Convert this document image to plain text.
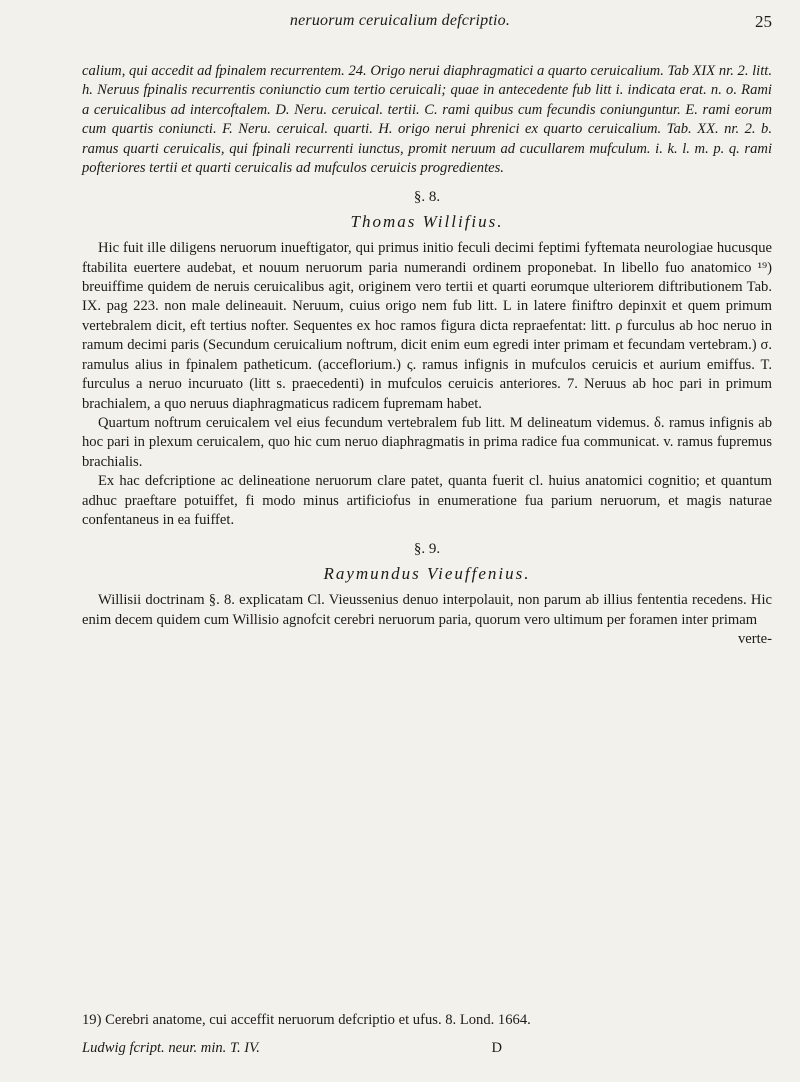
neruorum ceruicalium defcriptio.	25

calium, qui accedit ad fpinalem recurrentem. 24. Origo nerui diaphragmatici a quarto ceruicalium. Tab XIX nr. 2. litt. h. Neruus fpinalis recurrentis coniunctio cum tertio ceruicali; quae in antecedente fub litt i. indicata erat. n. o. Rami a ceruicalibus ad intercoftalem. D. Neru. ceruical. tertii. C. rami quibus cum fecundis coniunguntur. E. rami eorum cum quartis coniuncti. F. Neru. ceruical. quarti. H. origo nerui phrenici ex quarto ceruicalium. Tab. XX. nr. 2. b. ramus quarti ceruicalis, qui fpinali recurrenti iunctus, promit neruum ad cucullarem mufculum. i. k. l. m. p. q. rami pofteriores tertii et quarti ceruicalis ad mufculos ceruicis progredientes.

§. 8.
Thomas Willifius.

Hic fuit ille diligens neruorum inueftigator, qui primus initio feculi decimi feptimi fyftemata neurologiae hucusque ftabilita euertere audebat, et nouum neruorum paria numerandi ordinem proponebat. In libello fuo anatomico ¹⁹) breuiffime quidem de neruis ceruicalibus agit, originem vero tertii et quarti eorumque ulteriorem diftributionem Tab. IX. pag 223. non male delineauit. Neruum, cuius origo nem fub litt. L in latere finiftro depinxit et quem primum vertebralem dicit, eft tertius nofter. Sequentes ex hoc ramos figura dicta repraefentat: litt. ρ furculus ab hoc neruo in ramum decimi paris (Secundum ceruicalium noftrum, dicit enim eum egredi inter primam et fecundam vertebram.) σ. ramulus alius in fpinalem patheticum. (acceflorium.) ς. ramus infignis in mufculos ceruicis et aurium emiffus. T. furculus a neruo incuruato (litt s. praecedenti) in mufculos ceruicis anteriores. 7. Neruus ab hoc pari in primum brachialem, a quo neruus diaphragmaticus radicem fupremam habet.

Quartum noftrum ceruicalem vel eius fecundum vertebralem fub litt. M delineatum videmus. δ. ramus infignis ab hoc pari in plexum ceruicalem, quo hic cum neruo diaphragmatis in prima radice fua communicat. v. ramus fupremus brachialis.

Ex hac defcriptione ac delineatione neruorum clare patet, quanta fuerit cl. huius anatomici cognitio; et quantum adhuc praeftare potuiffet, fi modo minus artificiofus in enumeratione fua parium neruorum, et magis naturae confentaneus in ea fuiffet.

§. 9.
Raymundus Vieuffenius.

Willisii doctrinam §. 8. explicatam Cl. Vieussenius denuo interpolauit, non parum ab illius fententia recedens. Hic enim decem quidem cum Willisio agnofcit cerebri neruorum paria, quorum vero ultimum per foramen inter primam

verte-

19) Cerebri anatome, cui acceffit neruorum defcriptio et ufus. 8. Lond. 1664.
Ludwig fcript. neur. min. T. IV.	D
